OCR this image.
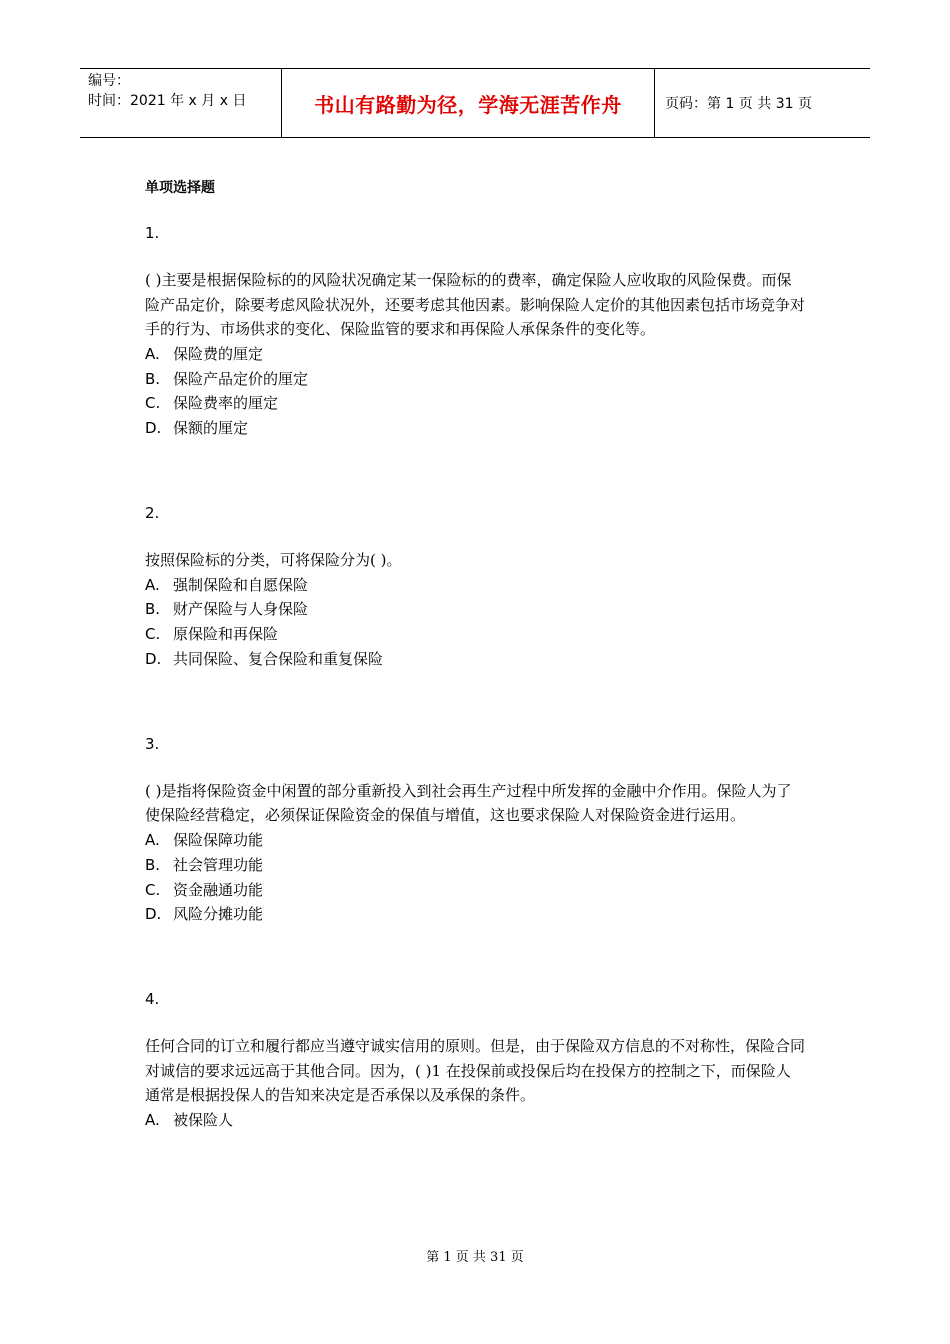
编号：
时间：2021 年 x 月 x 日	书山有路勤为径，学海无涯苦作舟	页码：第 1 页 共 31 页
单项选择题
1.
( )主要是根据保险标的的风险状况确定某一保险标的的费率，确定保险人应收取的风险保费。而保险产品定价，除要考虑风险状况外，还要考虑其他因素。影响保险人定价的其他因素包括市场竞争对手的行为、市场供求的变化、保险监管的要求和再保险人承保条件的变化等。
A. 保险费的厘定
B. 保险产品定价的厘定
C. 保险费率的厘定
D. 保额的厘定
2.
按照保险标的分类，可将保险分为( )。
A. 强制保险和自愿保险
B. 财产保险与人身保险
C. 原保险和再保险
D. 共同保险、复合保险和重复保险
3.
( )是指将保险资金中闲置的部分重新投入到社会再生产过程中所发挥的金融中介作用。保险人为了使保险经营稳定，必须保证保险资金的保值与增值，这也要求保险人对保险资金进行运用。
A. 保险保障功能
B. 社会管理功能
C. 资金融通功能
D. 风险分摊功能
4.
任何合同的订立和履行都应当遵守诚实信用的原则。但是，由于保险双方信息的不对称性，保险合同对诚信的要求远远高于其他合同。因为，( )1 在投保前或投保后均在投保方的控制之下，而保险人通常是根据投保人的告知来决定是否承保以及承保的条件。
A. 被保险人
第 1 页 共 31 页
